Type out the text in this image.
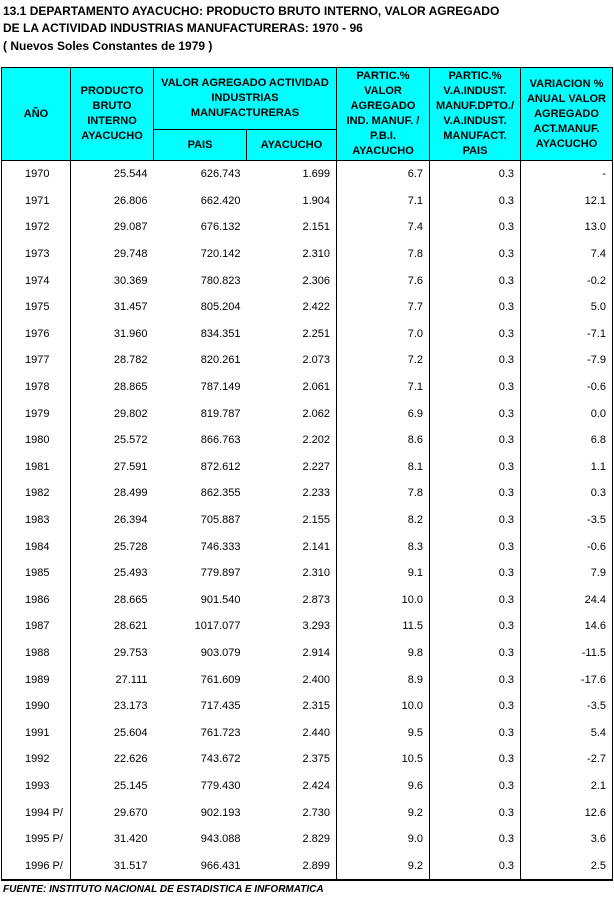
13.1 DEPARTAMENTO AYACUCHO: PRODUCTO BRUTO INTERNO, VALOR AGREGADO
DE LA ACTIVIDAD INDUSTRIAS MANUFACTURERAS: 1970 - 96
( Nuevos Soles Constantes de 1979 )
AÑO	PRODUCTO BRUTO INTERNO AYACUCHO	VALOR AGREGADO ACTIVIDAD INDUSTRIAS MANUFACTURERAS		PARTIC.% VALOR AGREGADO IND. MANUF. / P.B.I. AYACUCHO	PARTIC.% V.A.INDUST. MANUF.DPTO./ V.A.INDUST. MANUFACT. PAIS	VARIACION % ANUAL VALOR AGREGADO ACT.MANUF. AYACUCHO
		PAIS	AYACUCHO			
1970	25.544	626.743	1.699	6.7	0.3	-
1971	26.806	662.420	1.904	7.1	0.3	12.1
1972	29.087	676.132	2.151	7.4	0.3	13.0
1973	29.748	720.142	2.310	7.8	0.3	7.4
1974	30.369	780.823	2.306	7.6	0.3	-0.2
1975	31.457	805.204	2.422	7.7	0.3	5.0
1976	31.960	834.351	2.251	7.0	0.3	-7.1
1977	28.782	820.261	2.073	7.2	0.3	-7.9
1978	28.865	787.149	2.061	7.1	0.3	-0.6
1979	29.802	819.787	2.062	6.9	0.3	0.0
1980	25.572	866.763	2.202	8.6	0.3	6.8
1981	27.591	872.612	2.227	8.1	0.3	1.1
1982	28.499	862.355	2.233	7.8	0.3	0.3
1983	26.394	705.887	2.155	8.2	0.3	-3.5
1984	25.728	746.333	2.141	8.3	0.3	-0.6
1985	25.493	779.897	2.310	9.1	0.3	7.9
1986	28.665	901.540	2.873	10.0	0.3	24.4
1987	28.621	1017.077	3.293	11.5	0.3	14.6
1988	29.753	903.079	2.914	9.8	0.3	-11.5
1989	27.111	761.609	2.400	8.9	0.3	-17.6
1990	23.173	717.435	2.315	10.0	0.3	-3.5
1991	25.604	761.723	2.440	9.5	0.3	5.4
1992	22.626	743.672	2.375	10.5	0.3	-2.7
1993	25.145	779.430	2.424	9.6	0.3	2.1
1994 P/	29.670	902.193	2.730	9.2	0.3	12.6
1995 P/	31.420	943.088	2.829	9.0	0.3	3.6
1996 P/	31.517	966.431	2.899	9.2	0.3	2.5
FUENTE: INSTITUTO NACIONAL DE ESTADISTICA E INFORMATICA
